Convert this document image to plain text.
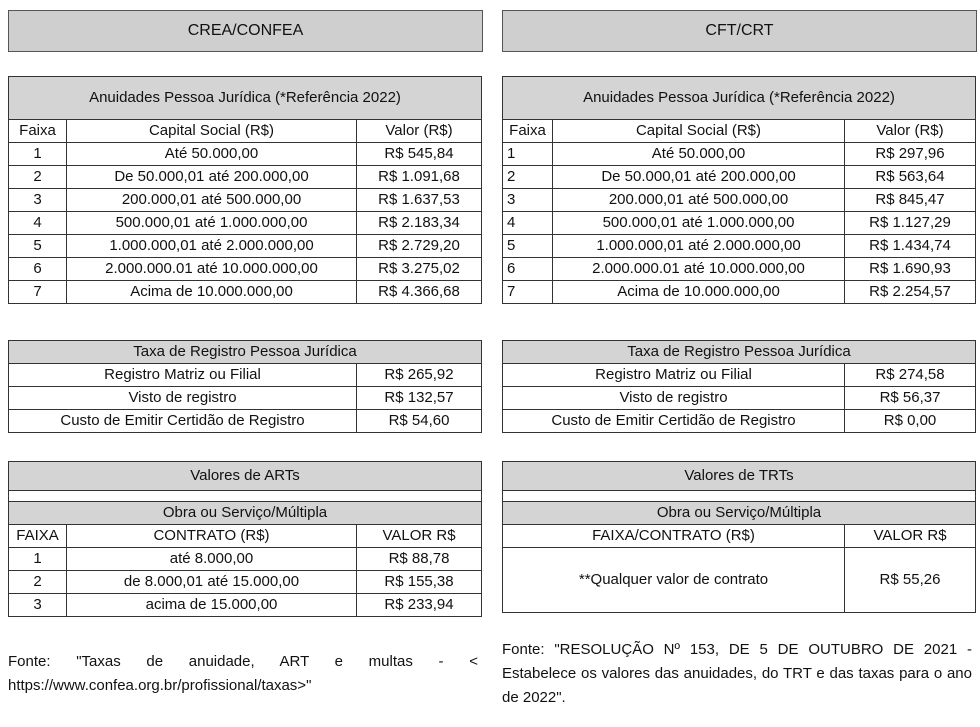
CREA/CONFEA
Anuidades Pessoa Jurídica (*Referência 2022)		
Faixa	Capital Social (R$)	Valor (R$)
1	Até 50.000,00	R$ 545,84
2	De 50.000,01 até 200.000,00	R$ 1.091,68
3	200.000,01 até 500.000,00	R$ 1.637,53
4	500.000,01 até 1.000.000,00	R$ 2.183,34
5	1.000.000,01 até 2.000.000,00	R$ 2.729,20
6	2.000.000.01 até 10.000.000,00	R$ 3.275,02
7	Acima de 10.000.000,00	R$ 4.366,68
Taxa de Registro Pessoa Jurídica	
Registro Matriz ou Filial	R$ 265,92
Visto de registro	R$ 132,57
Custo de Emitir Certidão de Registro	R$ 54,60
Valores de ARTs		

Obra ou Serviço/Múltipla		
FAIXA	CONTRATO (R$)	VALOR R$
1	até 8.000,00	R$ 88,78
2	de 8.000,01 até 15.000,00	R$ 155,38
3	acima de 15.000,00	R$ 233,94
Fonte: "Taxas de anuidade, ART e multas - < https://www.confea.org.br/profissional/taxas>"
CFT/CRT
Anuidades Pessoa Jurídica (*Referência 2022)		
Faixa	Capital Social (R$)	Valor (R$)
1	Até 50.000,00	R$ 297,96
2	De 50.000,01 até 200.000,00	R$ 563,64
3	200.000,01 até 500.000,00	R$ 845,47
4	500.000,01 até 1.000.000,00	R$ 1.127,29
5	1.000.000,01 até 2.000.000,00	R$ 1.434,74
6	2.000.000.01 até 10.000.000,00	R$ 1.690,93
7	Acima de 10.000.000,00	R$ 2.254,57
Taxa de Registro Pessoa Jurídica	
Registro Matriz ou Filial	R$ 274,58
Visto de registro	R$ 56,37
Custo de Emitir Certidão de Registro	R$ 0,00
Valores de TRTs	

Obra ou Serviço/Múltipla	
FAIXA/CONTRATO (R$)	VALOR R$
**Qualquer valor de contrato	R$ 55,26
Fonte: "RESOLUÇÃO Nº 153, DE 5 DE OUTUBRO DE 2021 - Estabelece os valores das anuidades, do TRT e das taxas para o ano de 2022".
